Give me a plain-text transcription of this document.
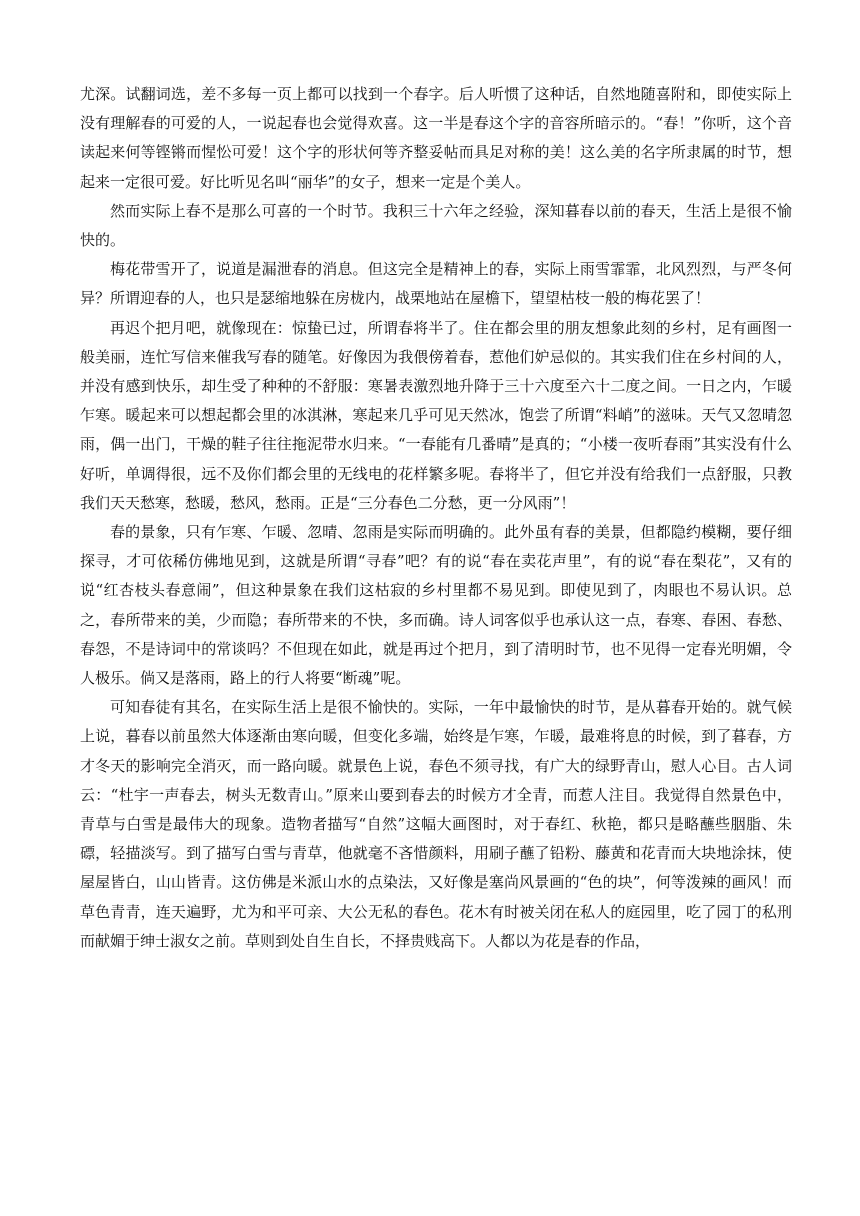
尤深。试翻词选，差不多每一页上都可以找到一个春字。后人听惯了这种话，自然地随喜附和，即使实际上没有理解春的可爱的人，一说起春也会觉得欢喜。这一半是春这个字的音容所暗示的。“春！”你听，这个音读起来何等铿锵而惺忪可爱！这个字的形状何等齐整妥帖而具足对称的美！这么美的名字所隶属的时节，想起来一定很可爱。好比听见名叫“丽华”的女子，想来一定是个美人。

然而实际上春不是那么可喜的一个时节。我积三十六年之经验，深知暮春以前的春天，生活上是很不愉快的。

梅花带雪开了，说道是漏泄春的消息。但这完全是精神上的春，实际上雨雪霏霏，北风烈烈，与严冬何异？所谓迎春的人，也只是瑟缩地躲在房栊内，战栗地站在屋檐下，望望枯枝一般的梅花罢了！

再迟个把月吧，就像现在：惊蛰已过，所谓春将半了。住在都会里的朋友想象此刻的乡村，足有画图一般美丽，连忙写信来催我写春的随笔。好像因为我偎傍着春，惹他们妒忌似的。其实我们住在乡村间的人，并没有感到快乐，却生受了种种的不舒服：寒暑表激烈地升降于三十六度至六十二度之间。一日之内，乍暖乍寒。暖起来可以想起都会里的冰淇淋，寒起来几乎可见天然冰，饱尝了所谓“料峭”的滋味。天气又忽晴忽雨，偶一出门，干燥的鞋子往往拖泥带水归来。“一春能有几番晴”是真的；“小楼一夜听春雨”其实没有什么好听，单调得很，远不及你们都会里的无线电的花样繁多呢。春将半了，但它并没有给我们一点舒服，只教我们天天愁寒，愁暖，愁风，愁雨。正是“三分春色二分愁，更一分风雨”！

春的景象，只有乍寒、乍暖、忽晴、忽雨是实际而明确的。此外虽有春的美景，但都隐约模糊，要仔细探寻，才可依稀仿佛地见到，这就是所谓“寻春”吧？有的说“春在卖花声里”，有的说“春在梨花”，又有的说“红杏枝头春意闹”，但这种景象在我们这枯寂的乡村里都不易见到。即使见到了，肉眼也不易认识。总之，春所带来的美，少而隐；春所带来的不快，多而确。诗人词客似乎也承认这一点，春寒、春困、春愁、春怨，不是诗词中的常谈吗？不但现在如此，就是再过个把月，到了清明时节，也不见得一定春光明媚，令人极乐。倘又是落雨，路上的行人将要“断魂”呢。

可知春徒有其名，在实际生活上是很不愉快的。实际，一年中最愉快的时节，是从暮春开始的。就气候上说，暮春以前虽然大体逐渐由寒向暖，但变化多端，始终是乍寒，乍暖，最难将息的时候，到了暮春，方才冬天的影响完全消灭，而一路向暖。就景色上说，春色不须寻找，有广大的绿野青山，慰人心目。古人词云：“杜宇一声春去，树头无数青山。”原来山要到春去的时候方才全青，而惹人注目。我觉得自然景色中，青草与白雪是最伟大的现象。造物者描写“自然”这幅大画图时，对于春红、秋艳，都只是略蘸些胭脂、朱磦，轻描淡写。到了描写白雪与青草，他就毫不吝惜颜料，用刷子蘸了铅粉、藤黄和花青而大块地涂抹，使屋屋皆白，山山皆青。这仿佛是米派山水的点染法，又好像是塞尚风景画的“色的块”，何等泼辣的画风！而草色青青，连天遍野，尤为和平可亲、大公无私的春色。花木有时被关闭在私人的庭园里，吃了园丁的私刑而献媚于绅士淑女之前。草则到处自生自长，不择贵贱高下。人都以为花是春的作品，
